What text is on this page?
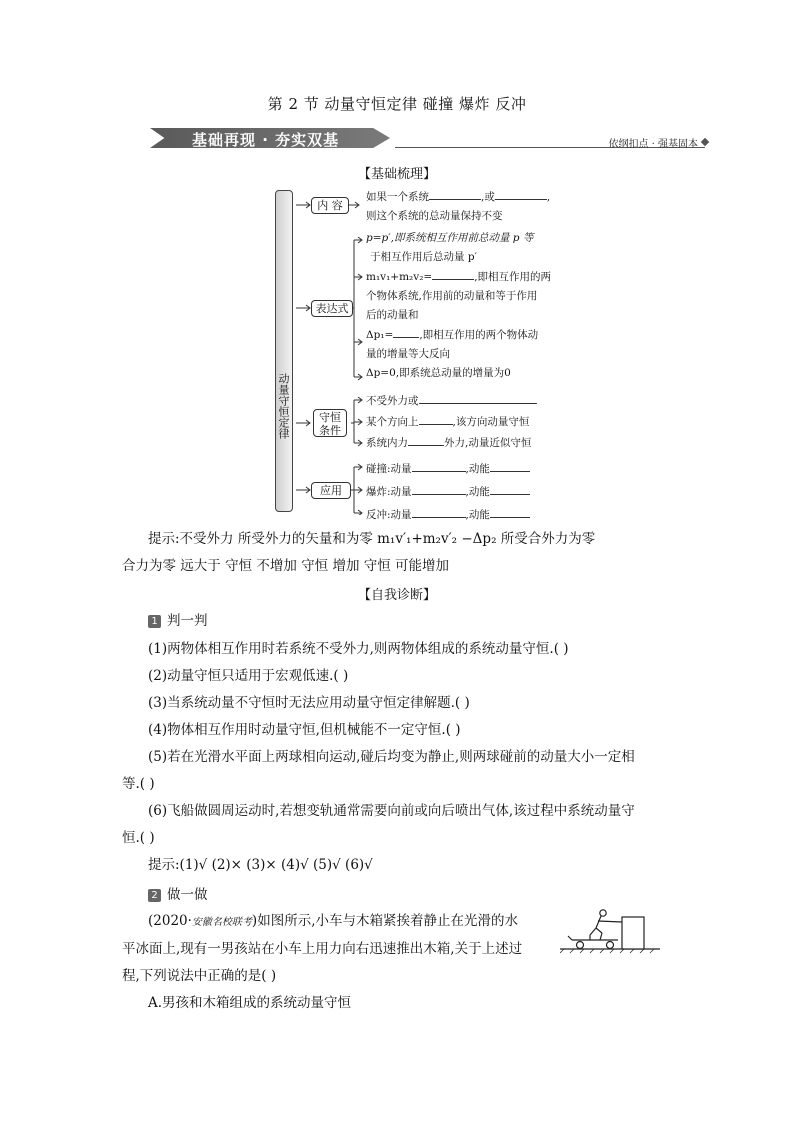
第 2 节 动量守恒定律 碰撞 爆炸 反冲
基础再现 · 夯实双基	依纲扣点 · 强基固本
【基础梳理】
动量守恒定律
内 容
表达式
守恒条件
应用
如果一个系统	,或	,
则这个系统的总动量保持不变
p=p′,即系统相互作用前总动量 p 等
于相互作用后总动量 p′
m₁v₁+m₂v₂=	,即相互作用的两
个物体系统,作用前的动量和等于作用
后的动量和
Δp₁= ,即相互作用的两个物体动
量的增量等大反向
Δp=0,即系统总动量的增量为0
不受外力或
某个方向上	,该方向动量守恒
系统内力	外力,动量近似守恒
碰撞:动量	,动能
爆炸:动量	,动能
反冲:动量	,动能
提示:不受外力 所受外力的矢量和为零 m₁v′₁+m₂v′₂ −Δp₂ 所受合外力为零
合力为零 远大于 守恒 不增加 守恒 增加 守恒 可能增加
【自我诊断】
1 判一判
(1)两物体相互作用时若系统不受外力,则两物体组成的系统动量守恒.( )
(2)动量守恒只适用于宏观低速.( )
(3)当系统动量不守恒时无法应用动量守恒定律解题.( )
(4)物体相互作用时动量守恒,但机械能不一定守恒.( )
(5)若在光滑水平面上两球相向运动,碰后均变为静止,则两球碰前的动量大小一定相
等.( )
(6)飞船做圆周运动时,若想变轨通常需要向前或向后喷出气体,该过程中系统动量守
恒.( )
提示:(1)√ (2)× (3)× (4)√ (5)√ (6)√
2 做一做
(2020·安徽名校联考)如图所示,小车与木箱紧挨着静止在光滑的水
平冰面上,现有一男孩站在小车上用力向右迅速推出木箱,关于上述过
程,下列说法中正确的是( )
A.男孩和木箱组成的系统动量守恒
